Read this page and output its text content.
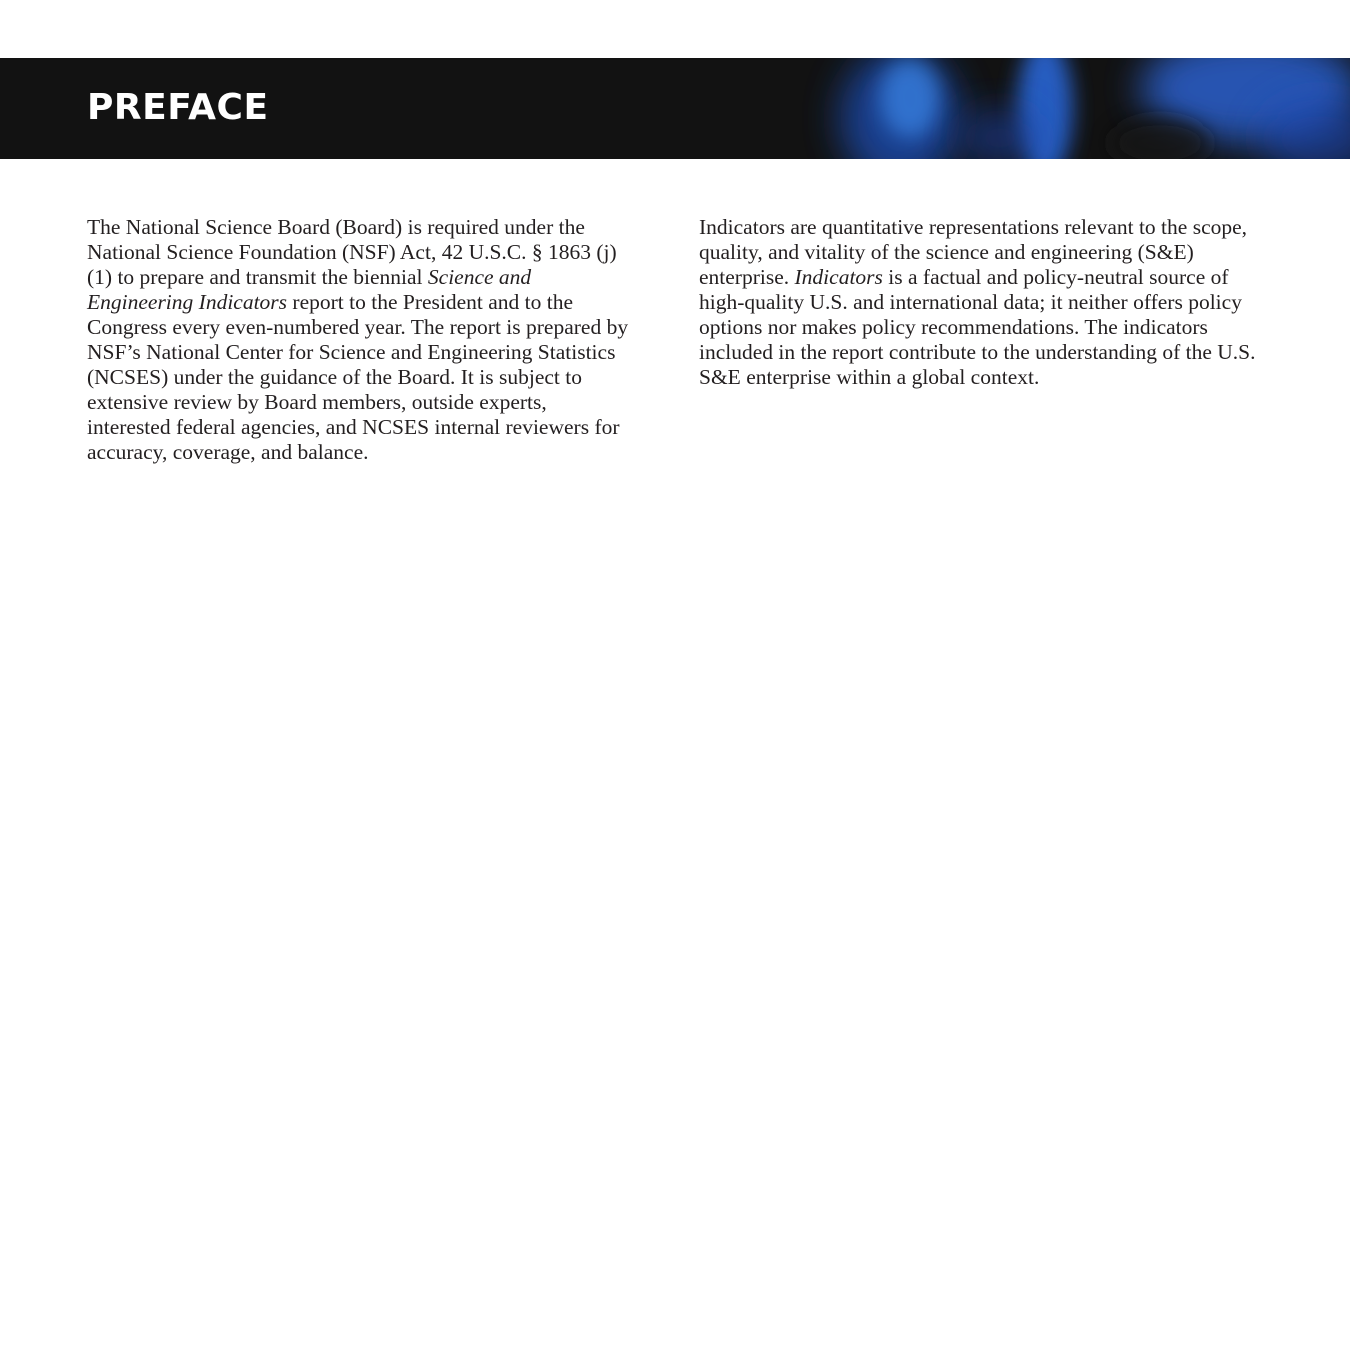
PREFACE

The National Science Board (Board) is required under the National Science Foundation (NSF) Act, 42 U.S.C. § 1863 (j) (1) to prepare and transmit the biennial Science and Engineering Indicators report to the President and to the Congress every even-numbered year. The report is prepared by NSF’s National Center for Science and Engineering Statistics (NCSES) under the guidance of the Board. It is subject to extensive review by Board members, outside experts, interested federal agencies, and NCSES internal reviewers for accuracy, coverage, and balance.

Indicators are quantitative representations relevant to the scope, quality, and vitality of the science and engineering (S&E) enterprise. Indicators is a factual and policy-neutral source of high-quality U.S. and international data; it neither offers policy options nor makes policy recommendations. The indicators included in the report contribute to the understanding of the U.S. S&E enterprise within a global context.
